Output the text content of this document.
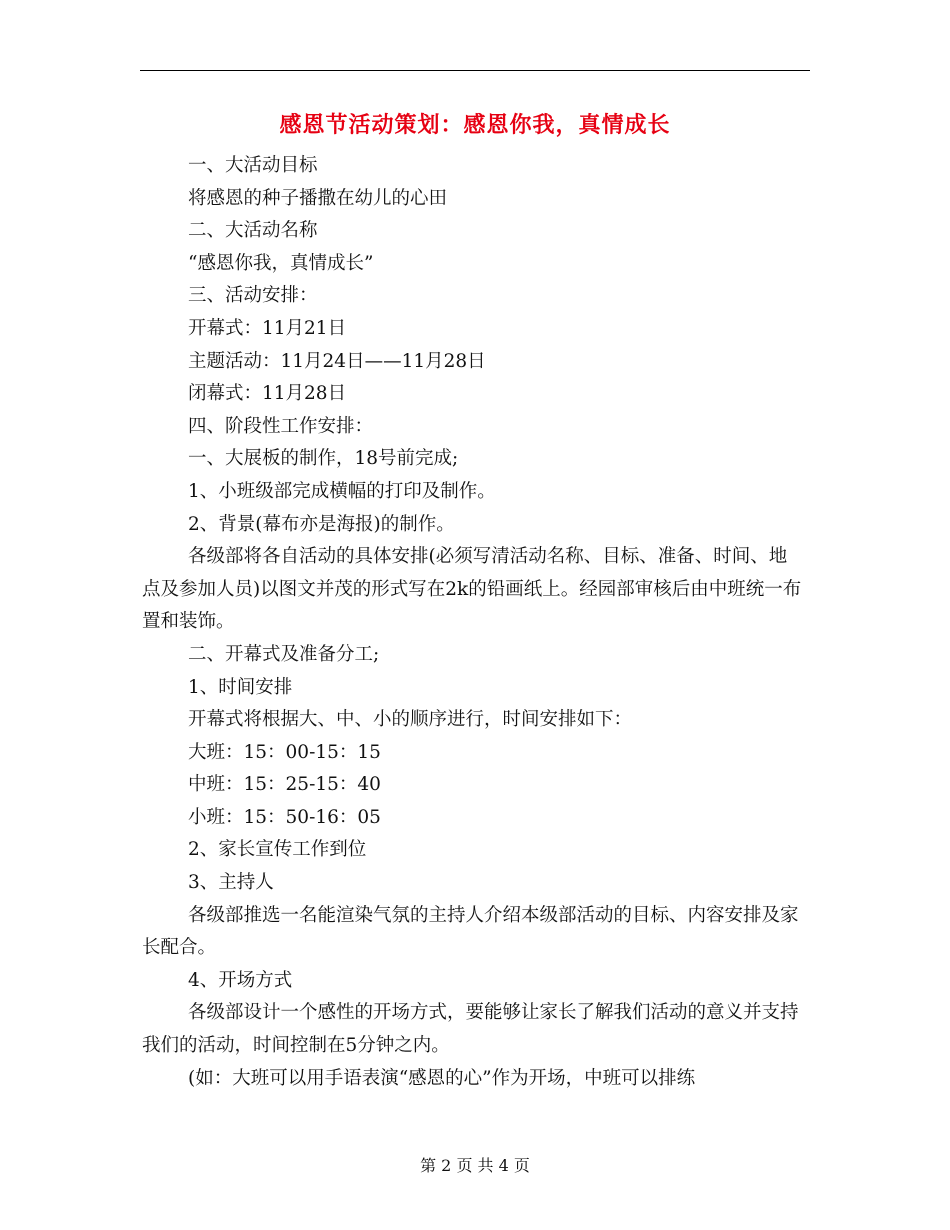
感恩节活动策划：感恩你我，真情成长

一、大活动目标

将感恩的种子播撒在幼儿的心田

二、大活动名称

“感恩你我，真情成长”

三、活动安排：

开幕式：11月21日

主题活动：11月24日——11月28日

闭幕式：11月28日

四、阶段性工作安排：

一、大展板的制作，18号前完成;

1、小班级部完成横幅的打印及制作。

2、背景(幕布亦是海报)的制作。

各级部将各自活动的具体安排(必须写清活动名称、目标、准备、时间、地点及参加人员)以图文并茂的形式写在2k的铅画纸上。经园部审核后由中班统一布置和装饰。

二、开幕式及准备分工;

1、时间安排

开幕式将根据大、中、小的顺序进行，时间安排如下：

大班：15：00-15：15

中班：15：25-15：40

小班：15：50-16：05

2、家长宣传工作到位

3、主持人

各级部推选一名能渲染气氛的主持人介绍本级部活动的目标、内容安排及家长配合。

4、开场方式

各级部设计一个感性的开场方式，要能够让家长了解我们活动的意义并支持我们的活动，时间控制在5分钟之内。

(如：大班可以用手语表演“感恩的心”作为开场，中班可以排练

第 2 页 共 4 页
